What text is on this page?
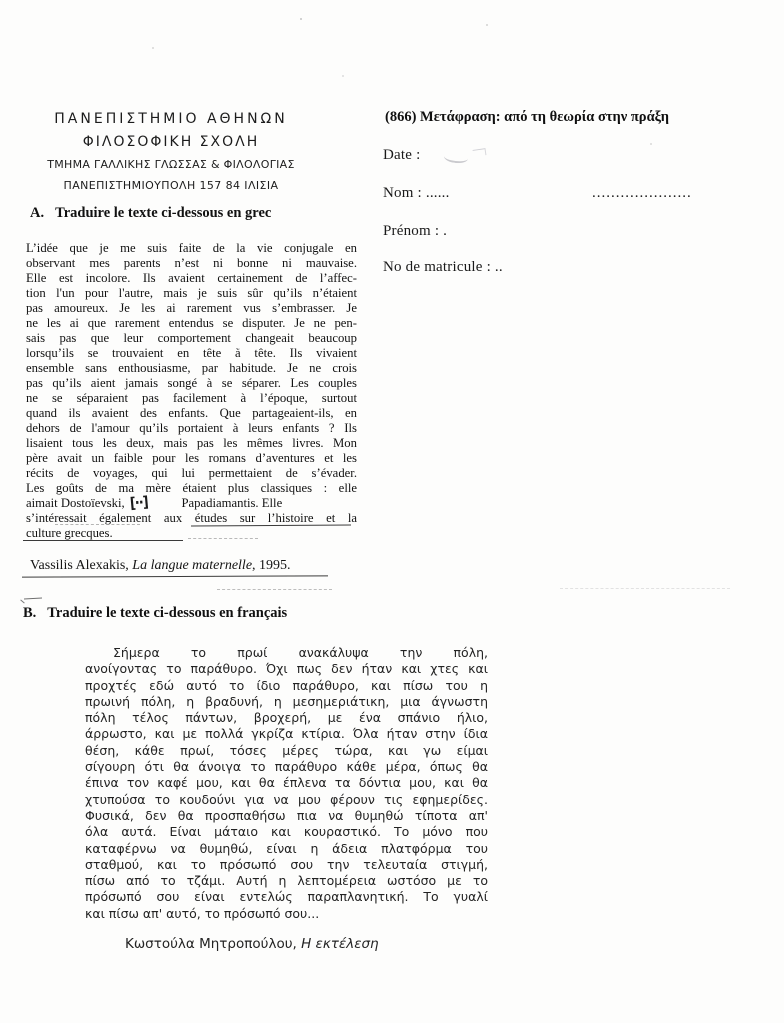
ΠΑΝΕΠΙΣΤΗΜΙΟ ΑΘΗΝΩΝ
ΦΙΛΟΣΟΦΙΚΗ ΣΧΟΛΗ
ΤΜΗΜΑ ΓΑΛΛΙΚΗΣ ΓΛΩΣΣΑΣ & ΦΙΛΟΛΟΓΙΑΣ
ΠΑΝΕΠΙΣΤΗΜΙΟΥΠΟΛΗ 157 84 ΙΛΙΣΙΑ
(866) Μετάφραση: από τη θεωρία στην πράξη
Date :
Nom : ......	.....................
Prénom : .
No de matricule : ..
A. Traduire le texte ci-dessous en grec
L’idée que je me suis faite de la vie conjugale en
observant mes parents n’est ni bonne ni mauvaise.
Elle est incolore. Ils avaient certainement de l’affec-
tion l'un pour l'autre, mais je suis sûr qu’ils n’étaient
pas amoureux. Je les ai rarement vus s’embrasser. Je
ne les ai que rarement entendus se disputer. Je ne pen-
sais pas que leur comportement changeait beaucoup
lorsqu’ils se trouvaient en tête à tête. Ils vivaient
ensemble sans enthousiasme, par habitude. Je ne crois
pas qu’ils aient jamais songé à se séparer. Les couples
ne se séparaient pas facilement à l’époque, surtout
quand ils avaient des enfants. Que partageaient-ils, en
dehors de l'amour qu’ils portaient à leurs enfants ? Ils
lisaient tous les deux, mais pas les mêmes livres. Mon
père avait un faible pour les romans d’aventures et les
récits de voyages, qui lui permettaient de s’évader.
Les goûts de ma mère étaient plus classiques : elle
aimait Dostoïevski, [··]	Papadiamantis. Elle
s’intéressait également aux études sur l’histoire et la
culture grecques.
Vassilis Alexakis, La langue maternelle, 1995.
B. Traduire le texte ci-dessous en français
Σήμερα το πρωί ανακάλυψα την πόλη,
ανοίγοντας το παράθυρο. Όχι πως δεν ήταν και χτες και
προχτές εδώ αυτό το ίδιο παράθυρο, και πίσω του η
πρωινή πόλη, η βραδυνή, η μεσημεριάτικη, μια άγνωστη
πόλη τέλος πάντων, βροχερή, με ένα σπάνιο ήλιο,
άρρωστο, και με πολλά γκρίζα κτίρια. Όλα ήταν στην ίδια
θέση, κάθε πρωί, τόσες μέρες τώρα, και γω είμαι
σίγουρη ότι θα άνοιγα το παράθυρο κάθε μέρα, όπως θα
έπινα τον καφέ μου, και θα έπλενα τα δόντια μου, και θα
χτυπούσα το κουδούνι για να μου φέρουν τις εφημερίδες.
Φυσικά, δεν θα προσπαθήσω πια να θυμηθώ τίποτα απ'
όλα αυτά. Είναι μάταιο και κουραστικό. Το μόνο που
καταφέρνω να θυμηθώ, είναι η άδεια πλατφόρμα του
σταθμού, και το πρόσωπό σου την τελευταία στιγμή,
πίσω από το τζάμι. Αυτή η λεπτομέρεια ωστόσο με το
πρόσωπό σου είναι εντελώς παραπλανητική. Το γυαλί
και πίσω απ' αυτό, το πρόσωπό σου...
Κωστούλα Μητροπούλου, Η εκτέλεση
